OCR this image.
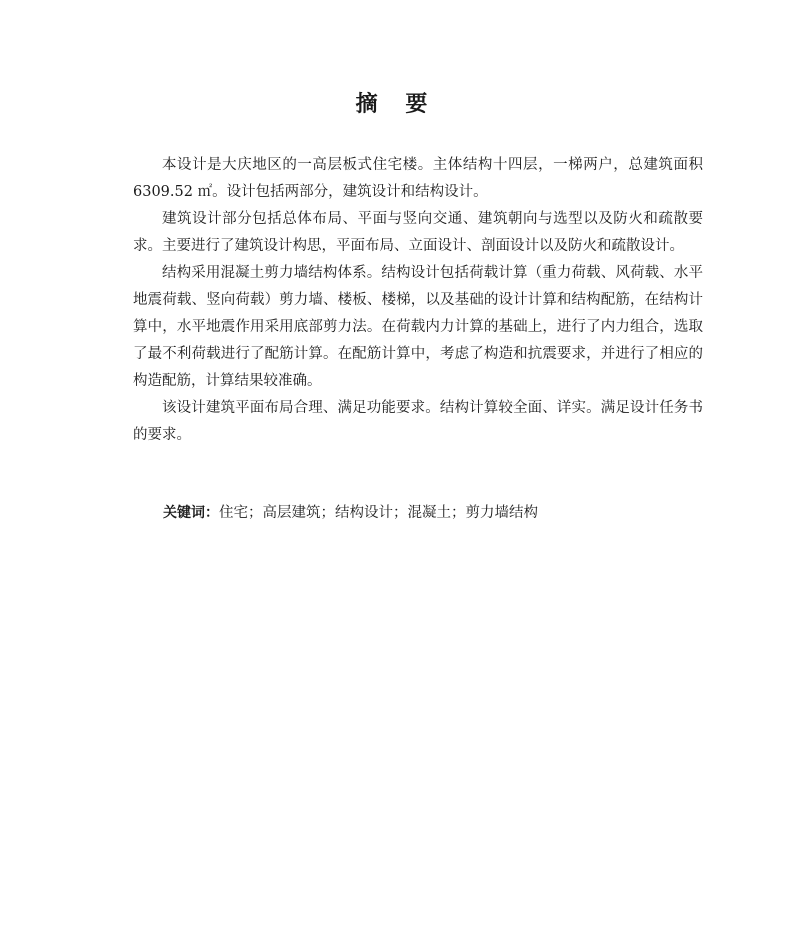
摘 要

本设计是大庆地区的一高层板式住宅楼。主体结构十四层，一梯两户，总建筑面积 6309.52 ㎡。设计包括两部分，建筑设计和结构设计。

建筑设计部分包括总体布局、平面与竖向交通、建筑朝向与选型以及防火和疏散要求。主要进行了建筑设计构思，平面布局、立面设计、剖面设计以及防火和疏散设计。

结构采用混凝土剪力墙结构体系。结构设计包括荷载计算（重力荷载、风荷载、水平地震荷载、竖向荷载）剪力墙、楼板、楼梯，以及基础的设计计算和结构配筋，在结构计算中，水平地震作用采用底部剪力法。在荷载内力计算的基础上，进行了内力组合，选取了最不利荷载进行了配筋计算。在配筋计算中，考虑了构造和抗震要求，并进行了相应的构造配筋，计算结果较准确。

该设计建筑平面布局合理、满足功能要求。结构计算较全面、详实。满足设计任务书的要求。

关键词：住宅；高层建筑；结构设计；混凝土；剪力墙结构
